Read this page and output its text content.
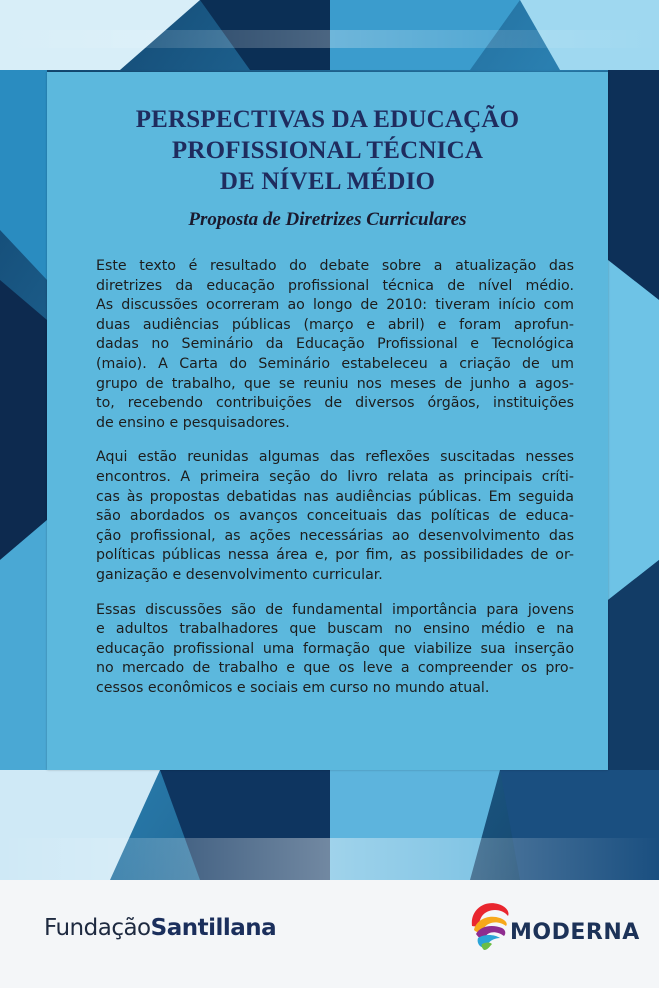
PERSPECTIVAS DA EDUCAÇÃO
PROFISSIONAL TÉCNICA
DE NÍVEL MÉDIO
Proposta de Diretrizes Curriculares

Este texto é resultado do debate sobre a atualização das
diretrizes da educação profissional técnica de nível médio.
As discussões ocorreram ao longo de 2010: tiveram início com
duas audiências públicas (março e abril) e foram aprofun-
dadas no Seminário da Educação Profissional e Tecnológica
(maio). A Carta do Seminário estabeleceu a criação de um
grupo de trabalho, que se reuniu nos meses de junho a agos-
to, recebendo contribuições de diversos órgãos, instituições
de ensino e pesquisadores.

Aqui estão reunidas algumas das reflexões suscitadas nesses
encontros. A primeira seção do livro relata as principais críti-
cas às propostas debatidas nas audiências públicas. Em seguida
são abordados os avanços conceituais das políticas de educa-
ção profissional, as ações necessárias ao desenvolvimento das
políticas públicas nessa área e, por fim, as possibilidades de or-
ganização e desenvolvimento curricular.

Essas discussões são de fundamental importância para jovens
e adultos trabalhadores que buscam no ensino médio e na
educação profissional uma formação que viabilize sua inserção
no mercado de trabalho e que os leve a compreender os pro-
cessos econômicos e sociais em curso no mundo atual.

FundaçãoSantillana	MODERNA
